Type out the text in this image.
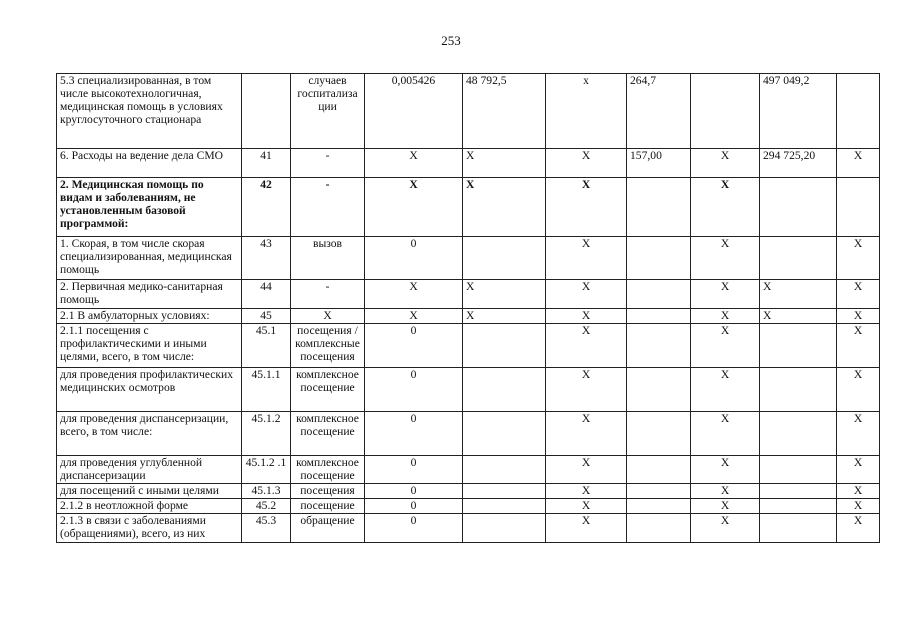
253
5.3 специализированная, в том числе высокотехнологичная, медицинская помощь в условиях круглосуточного стационара		случаев госпитализа ции	0,005426	48 792,5	х	264,7		497 049,2	
6. Расходы на ведение дела СМО	41	-	X	X	X	157,00	X	294 725,20	X
2. Медицинская помощь по видам и заболеваниям, не установленным базовой программой:	42	-	X	X	X		X		
1. Скорая, в том числе скорая специализированная, медицинская помощь	43	вызов	0		X		X		X
2. Первичная медико-санитарная помощь	44	-	X	X	X		X	X	X
2.1 В амбулаторных условиях:	45	X	X	X	X		X	X	X
2.1.1 посещения с профилактическими и иными целями, всего, в том числе:	45.1	посещения / комплексные посещения	0		X		X		X
для проведения профилактических медицинских осмотров	45.1.1	комплексное посещение	0		X		X		X
для проведения диспансеризации, всего, в том числе:	45.1.2	комплексное посещение	0		X		X		X
для проведения углубленной диспансеризации	45.1.2 .1	комплексное посещение	0		X		X		X
для посещений с иными целями	45.1.3	посещения	0		X		X		X
2.1.2 в неотложной форме	45.2	посещение	0		X		X		X
2.1.3 в связи с заболеваниями (обращениями), всего, из них	45.3	обращение	0		X		X		X
